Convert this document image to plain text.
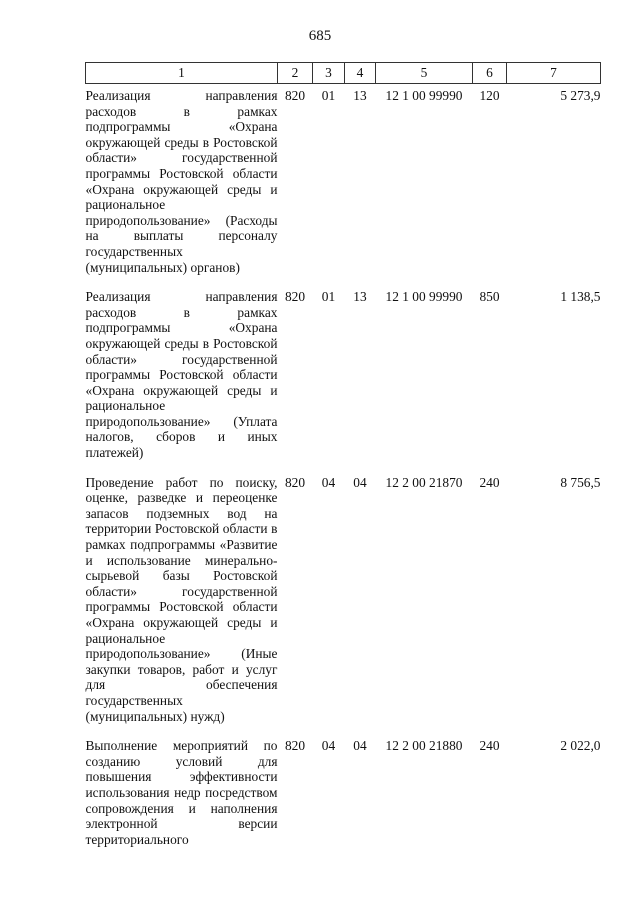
685
1	2	3	4	5	6	7
Реализация направления расходов в рамках подпрограммы «Охрана окружающей среды в Ростовской области» государственной программы Ростовской области «Охрана окружающей среды и рациональное природопользование» (Расходы на выплаты персоналу государственных (муниципальных) органов)	820	01	13	12 1 00 99990	120	5 273,9
Реализация направления расходов в рамках подпрограммы «Охрана окружающей среды в Ростовской области» государственной программы Ростовской области «Охрана окружающей среды и рациональное природопользование» (Уплата налогов, сборов и иных платежей)	820	01	13	12 1 00 99990	850	1 138,5
Проведение работ по поиску, оценке, разведке и переоценке запасов подземных вод на территории Ростовской области в рамках подпрограммы «Развитие и использование минерально-сырьевой базы Ростовской области» государственной программы Ростовской области «Охрана окружающей среды и рациональное природопользование» (Иные закупки товаров, работ и услуг для обеспечения государственных (муниципальных) нужд)	820	04	04	12 2 00 21870	240	8 756,5
Выполнение мероприятий по созданию условий для повышения эффективности использования недр посредством сопровождения и наполнения электронной версии территориального	820	04	04	12 2 00 21880	240	2 022,0
